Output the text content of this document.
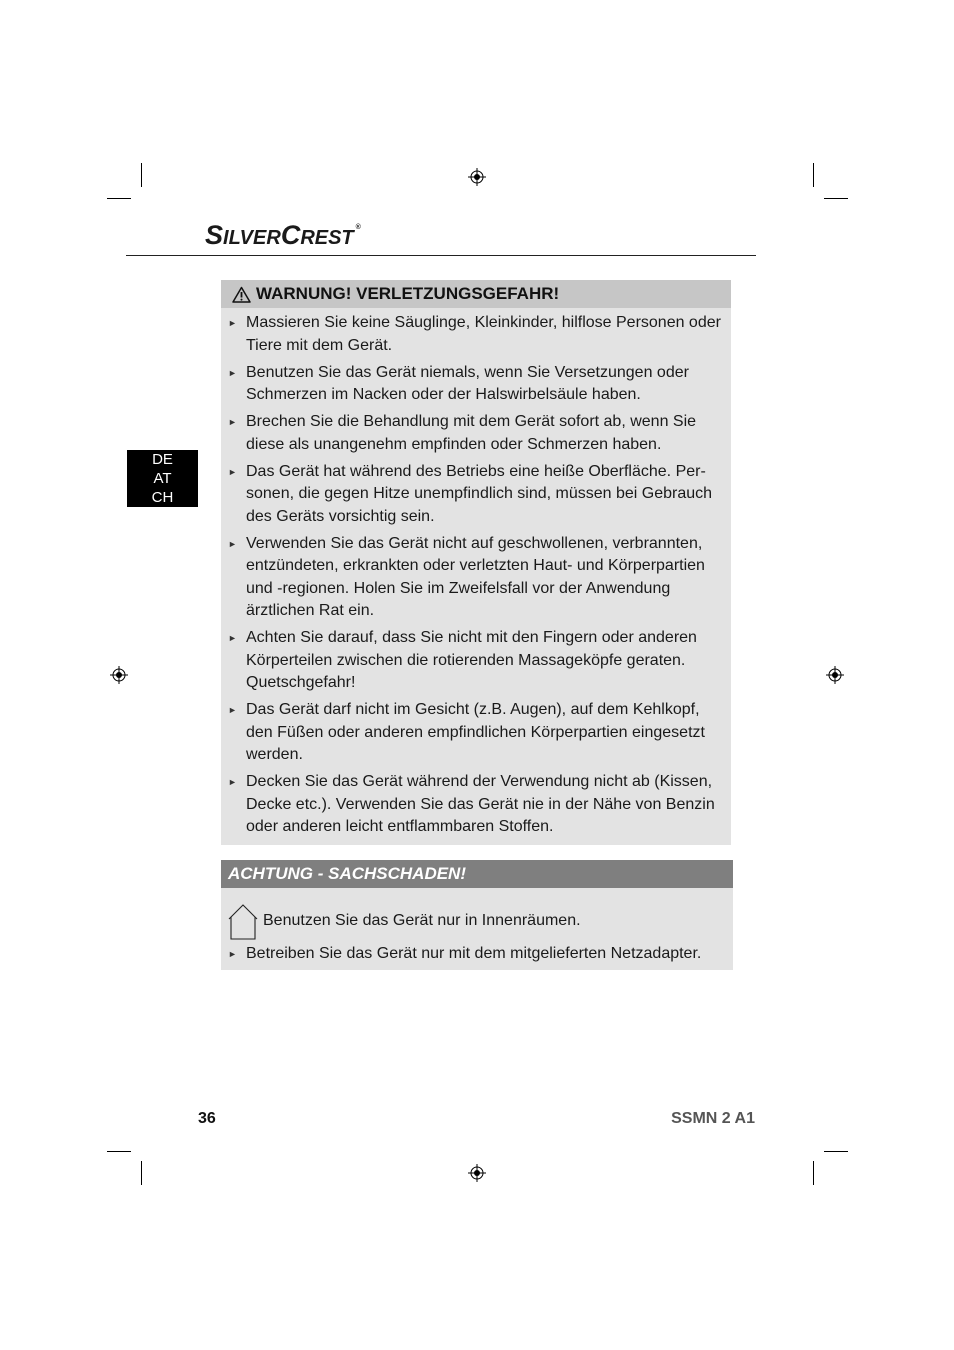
SILVERCREST ®
DE
AT
CH
WARNUNG! VERLETZUNGSGEFAHR!
► Massieren Sie keine Säuglinge, Kleinkinder, hilflose Personen oder Tiere mit dem Gerät.
► Benutzen Sie das Gerät niemals, wenn Sie Versetzungen oder Schmerzen im Nacken oder der Halswirbelsäule haben.
► Brechen Sie die Behandlung mit dem Gerät sofort ab, wenn Sie diese als unangenehm empfinden oder Schmerzen haben.
► Das Gerät hat während des Betriebs eine heiße Oberfläche. Personen, die gegen Hitze unempfindlich sind, müssen bei Gebrauch des Geräts vorsichtig sein.
► Verwenden Sie das Gerät nicht auf geschwollenen, verbrannten, entzündeten, erkrankten oder verletzten Haut- und Körperpartien und -regionen. Holen Sie im Zweifelsfall vor der Anwendung ärztlichen Rat ein.
► Achten Sie darauf, dass Sie nicht mit den Fingern oder anderen Körperteilen zwischen die rotierenden Massageköpfe geraten. Quetschgefahr!
► Das Gerät darf nicht im Gesicht (z.B. Augen), auf dem Kehlkopf, den Füßen oder anderen empfindlichen Körperpartien eingesetzt werden.
► Decken Sie das Gerät während der Verwendung nicht ab (Kissen, Decke etc.). Verwenden Sie das Gerät nie in der Nähe von Benzin oder anderen leicht entflammbaren Stoffen.
ACHTUNG - SACHSCHADEN!
Benutzen Sie das Gerät nur in Innenräumen.
► Betreiben Sie das Gerät nur mit dem mitgelieferten Netzadapter.
36	SSMN 2 A1
